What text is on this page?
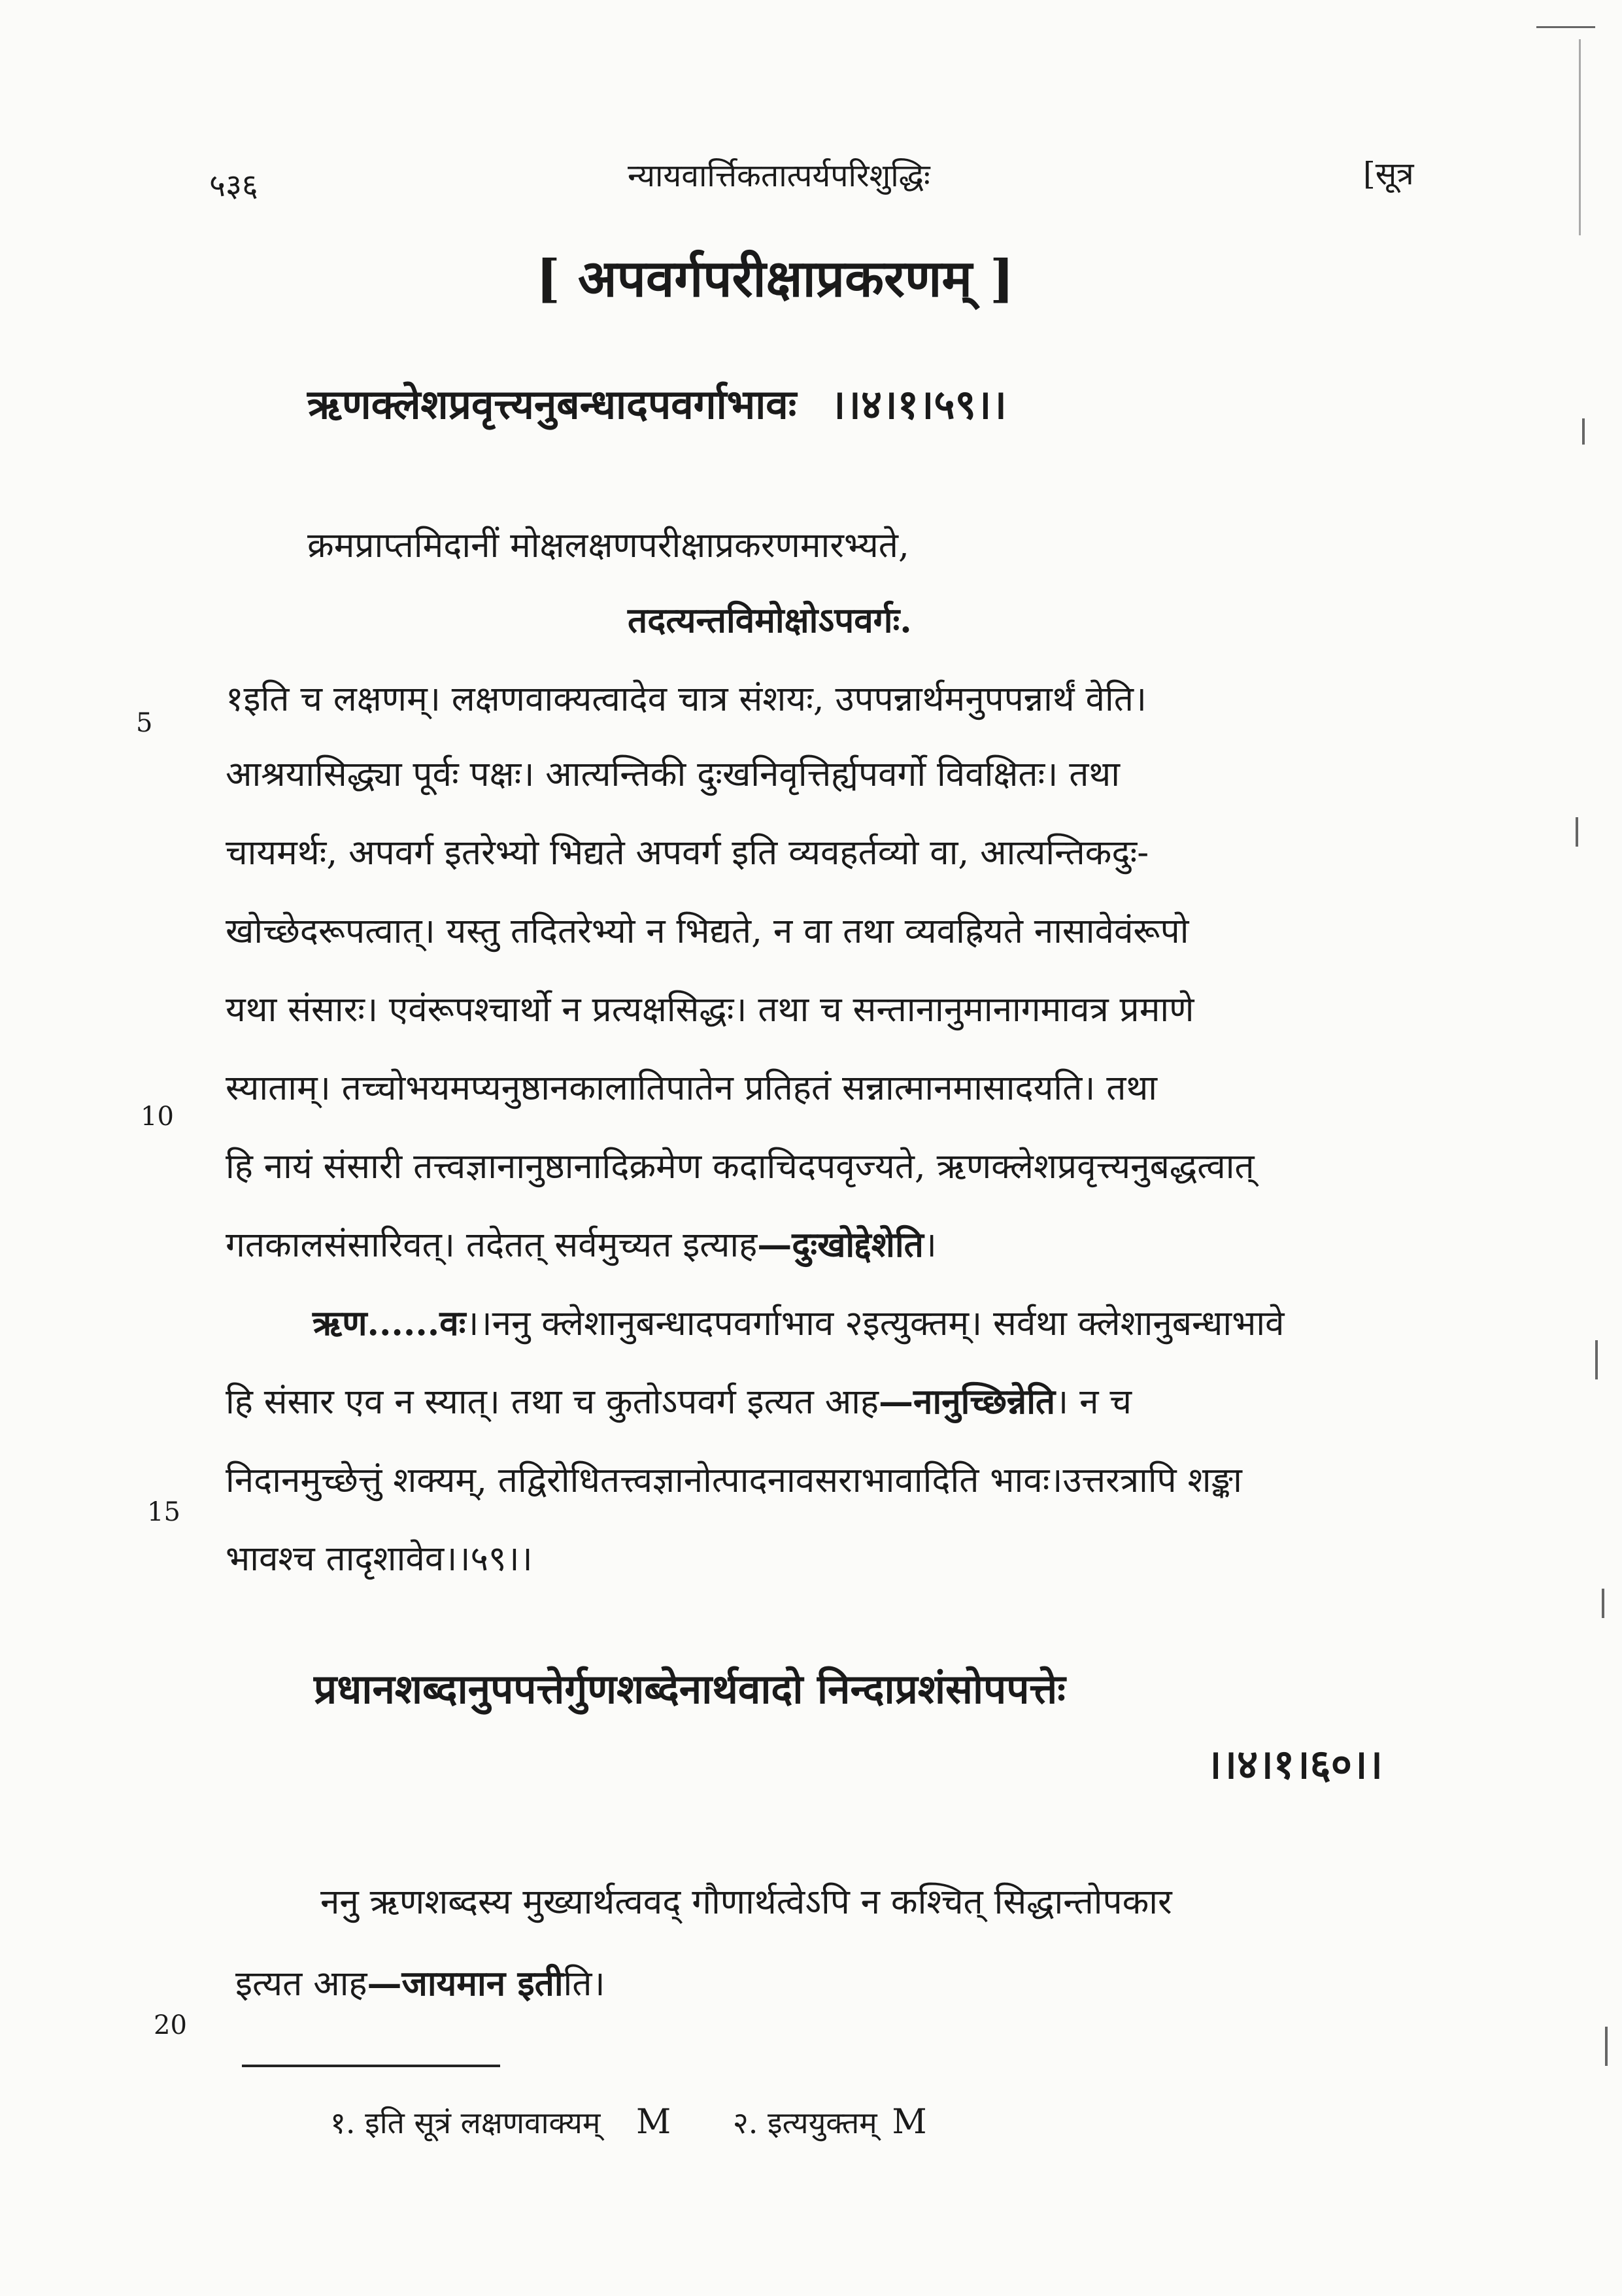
५३६	न्यायवार्त्तिकतात्पर्यपरिशुद्धिः	[सूत्र
[ अपवर्गपरीक्षाप्रकरणम् ]
ऋणक्लेशप्रवृत्त्यनुबन्धादपवर्गाभावः ।।४।१।५९।।
क्रमप्राप्तमिदानीं मोक्षलक्षणपरीक्षाप्रकरणमारभ्यते,
तदत्यन्तविमोक्षोऽपवर्गः.
१इति च लक्षणम्। लक्षणवाक्यत्वादेव चात्र संशयः, उपपन्नार्थमनुपपन्नार्थं वेति।
आश्रयासिद्ध्या पूर्वः पक्षः। आत्यन्तिकी दुःखनिवृत्तिर्ह्यपवर्गो विवक्षितः। तथा
चायमर्थः, अपवर्ग इतरेभ्यो भिद्यते अपवर्ग इति व्यवहर्तव्यो वा, आत्यन्तिकदुः-
खोच्छेदरूपत्वात्। यस्तु तदितरेभ्यो न भिद्यते, न वा तथा व्यवह्रियते नासावेवंरूपो
यथा संसारः। एवंरूपश्चार्थो न प्रत्यक्षसिद्धः। तथा च सन्तानानुमानागमावत्र प्रमाणे
स्याताम्। तच्चोभयमप्यनुष्ठानकालातिपातेन प्रतिहतं सन्नात्मानमासादयति। तथा
हि नायं संसारी तत्त्वज्ञानानुष्ठानादिक्रमेण कदाचिदपवृज्यते, ऋणक्लेशप्रवृत्त्यनुबद्धत्वात्
गतकालसंसारिवत्। तदेतत् सर्वमुच्यत इत्याह—दुःखोद्देशेति।
ऋण......वः।।ननु क्लेशानुबन्धादपवर्गाभाव २इत्युक्तम्। सर्वथा क्लेशानुबन्धाभावे
हि संसार एव न स्यात्। तथा च कुतोऽपवर्ग इत्यत आह—नानुच्छिन्नेति। न च
निदानमुच्छेत्तुं शक्यम्, तद्विरोधितत्त्वज्ञानोत्पादनावसराभावादिति भावः।उत्तरत्रापि शङ्का
भावश्च तादृशावेव।।५९।।
प्रधानशब्दानुपपत्तेर्गुणशब्देनार्थवादो निन्दाप्रशंसोपपत्तेः
।।४।१।६०।।
ननु ऋणशब्दस्य मुख्यार्थत्ववद् गौणार्थत्वेऽपि न कश्चित् सिद्धान्तोपकार
इत्यत आह—जायमान इतीति।
5
10
15
20
१. इति सूत्रं लक्षणवाक्यम् M २. इत्ययुक्तम् M
